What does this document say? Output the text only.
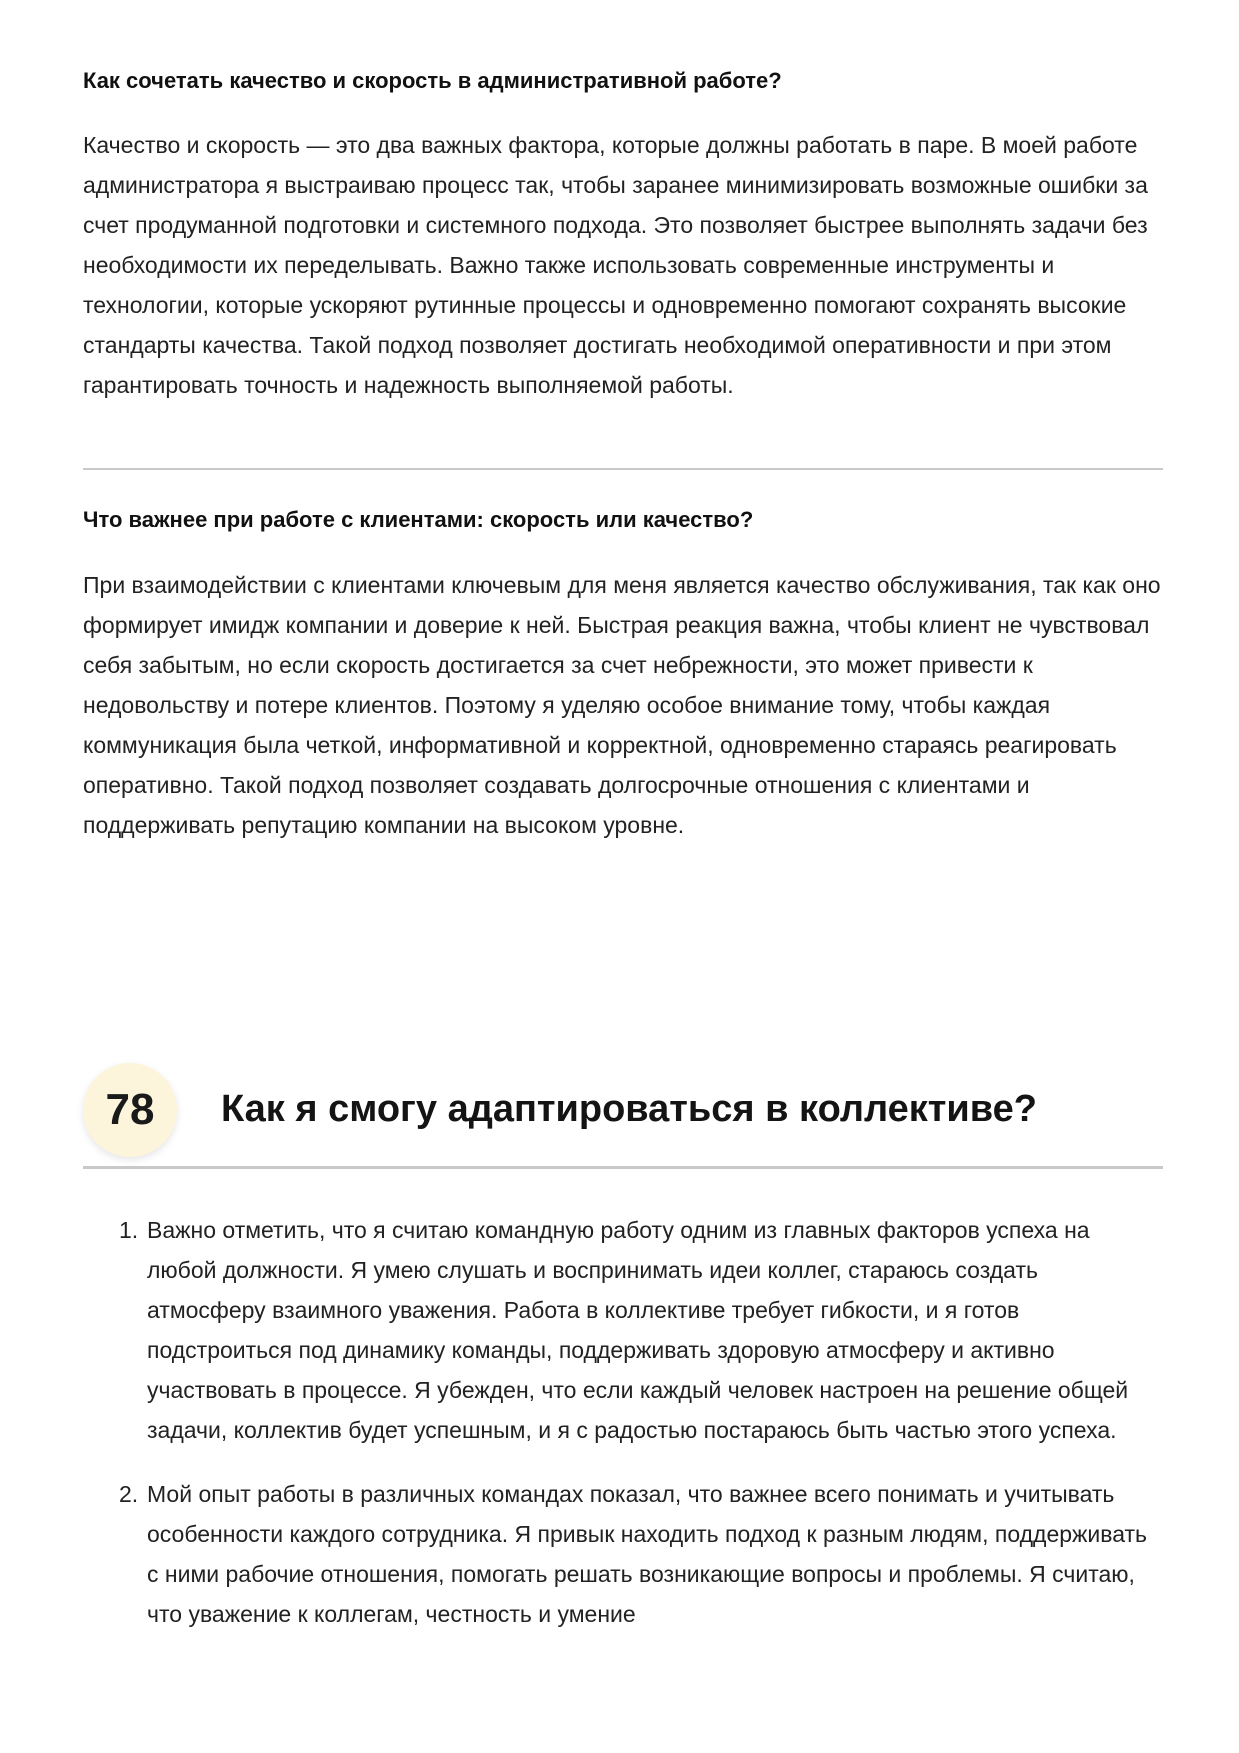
Как сочетать качество и скорость в административной работе?

Качество и скорость — это два важных фактора, которые должны работать в паре. В моей работе администратора я выстраиваю процесс так, чтобы заранее минимизировать возможные ошибки за счет продуманной подготовки и системного подхода. Это позволяет быстрее выполнять задачи без необходимости их переделывать. Важно также использовать современные инструменты и технологии, которые ускоряют рутинные процессы и одновременно помогают сохранять высокие стандарты качества. Такой подход позволяет достигать необходимой оперативности и при этом гарантировать точность и надежность выполняемой работы.

Что важнее при работе с клиентами: скорость или качество?

При взаимодействии с клиентами ключевым для меня является качество обслуживания, так как оно формирует имидж компании и доверие к ней. Быстрая реакция важна, чтобы клиент не чувствовал себя забытым, но если скорость достигается за счет небрежности, это может привести к недовольству и потере клиентов. Поэтому я уделяю особое внимание тому, чтобы каждая коммуникация была четкой, информативной и корректной, одновременно стараясь реагировать оперативно. Такой подход позволяет создавать долгосрочные отношения с клиентами и поддерживать репутацию компании на высоком уровне.

78	Как я смогу адаптироваться в коллективе?
1. Важно отметить, что я считаю командную работу одним из главных факторов успеха на любой должности. Я умею слушать и воспринимать идеи коллег, стараюсь создать атмосферу взаимного уважения. Работа в коллективе требует гибкости, и я готов подстроиться под динамику команды, поддерживать здоровую атмосферу и активно участвовать в процессе. Я убежден, что если каждый человек настроен на решение общей задачи, коллектив будет успешным, и я с радостью постараюсь быть частью этого успеха.
2. Мой опыт работы в различных командах показал, что важнее всего понимать и учитывать особенности каждого сотрудника. Я привык находить подход к разным людям, поддерживать с ними рабочие отношения, помогать решать возникающие вопросы и проблемы. Я считаю, что уважение к коллегам, честность и умение
